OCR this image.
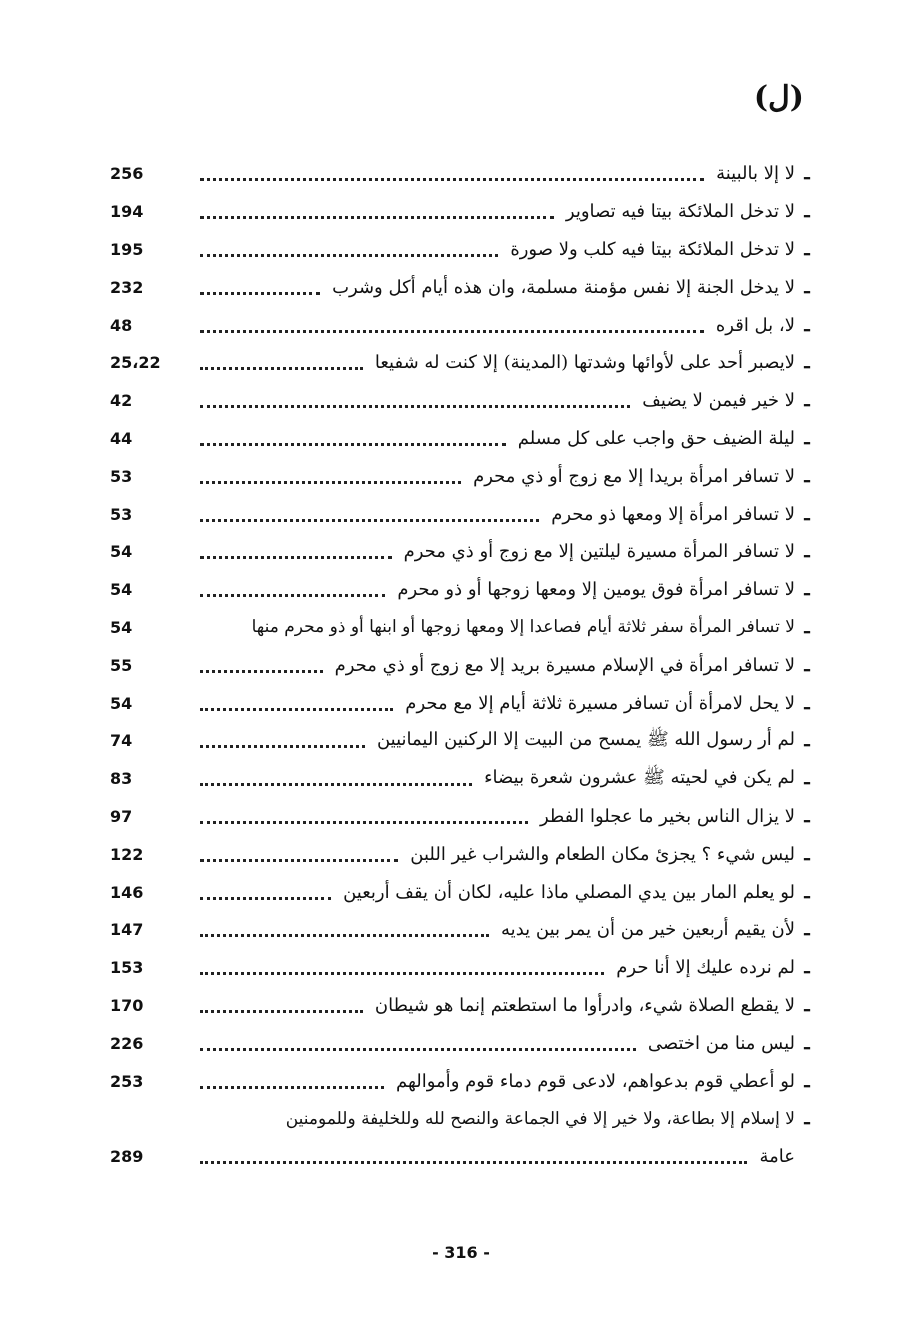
(ل)
ـ
لا إلا بالبينة
256
ـ
لا تدخل الملائكة بيتا فيه تصاوير
194
ـ
لا تدخل الملائكة بيتا فيه كلب ولا صورة
195
ـ
لا يدخل الجنة إلا نفس مؤمنة مسلمة، وان هذه أيام أكل وشرب
232
ـ
لا، بل اقره
48
ـ
لايصبر أحد على لأوائها وشدتها (المدينة) إلا كنت له شفيعا
25،22
ـ
لا خير فيمن لا يضيف
42
ـ
ليلة الضيف حق واجب على كل مسلم
44
ـ
لا تسافر امرأة بريدا إلا مع زوج أو ذي محرم
53
ـ
لا تسافر امرأة إلا ومعها ذو محرم
53
ـ
لا تسافر المرأة مسيرة ليلتين إلا مع زوج أو ذي محرم
54
ـ
لا تسافر امرأة فوق يومين إلا ومعها زوجها أو ذو محرم
54
ـ
لا تسافر المرأة سفر ثلاثة أيام فصاعدا إلا ومعها زوجها أو ابنها أو ذو محرم منها
54
ـ
لا تسافر امرأة في الإسلام مسيرة بريد إلا مع زوج أو ذي محرم
55
ـ
لا يحل لامرأة أن تسافر مسيرة ثلاثة أيام إلا مع محرم
54
ـ
لم أر رسول الله ﷺ يمسح من البيت إلا الركنين اليمانيين
74
ـ
لم يكن في لحيته ﷺ عشرون شعرة بيضاء
83
ـ
لا يزال الناس بخير ما عجلوا الفطر
97
ـ
ليس شيء ؟ يجزئ مكان الطعام والشراب غير اللبن
122
ـ
لو يعلم المار بين يدي المصلي ماذا عليه، لكان أن يقف أربعين
146
ـ
لأن يقيم أربعين خير من أن يمر بين يديه
147
ـ
لم نرده عليك إلا أنا حرم
153
ـ
لا يقطع الصلاة شيء، وادرأوا ما استطعتم إنما هو شيطان
170
ـ
ليس منا من اختصى
226
ـ
لو أعطي قوم بدعواهم، لادعى قوم دماء قوم وأموالهم
253
ـ
لا إسلام إلا بطاعة، ولا خير إلا في الجماعة والنصح لله وللخليفة وللمومنين
عامة
289
- 316 -
